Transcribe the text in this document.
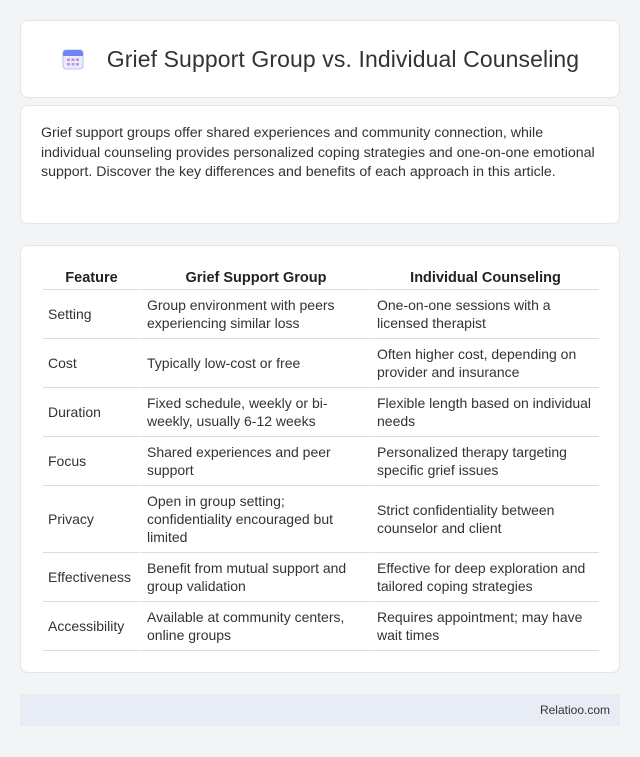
Grief Support Group vs. Individual Counseling

Grief support groups offer shared experiences and community connection, while individual counseling provides personalized coping strategies and one-on-one emotional support. Discover the key differences and benefits of each approach in this article.

Feature	Grief Support Group	Individual Counseling
Setting	Group environment with peers experiencing similar loss	One-on-one sessions with a licensed therapist
Cost	Typically low-cost or free	Often higher cost, depending on provider and insurance
Duration	Fixed schedule, weekly or bi-weekly, usually 6-12 weeks	Flexible length based on individual needs
Focus	Shared experiences and peer support	Personalized therapy targeting specific grief issues
Privacy	Open in group setting; confidentiality encouraged but limited	Strict confidentiality between counselor and client
Effectiveness	Benefit from mutual support and group validation	Effective for deep exploration and tailored coping strategies
Accessibility	Available at community centers, online groups	Requires appointment; may have wait times
Relatioo.com
